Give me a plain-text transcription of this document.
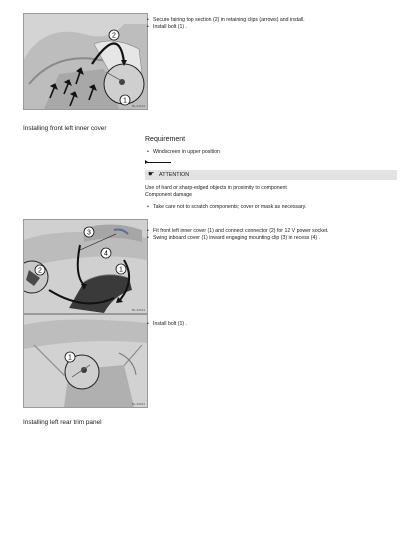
2
1
BL-54012
• Secure fairing top section (2) in retaining clips (arrows) and install.
• Install bolt (1) .
Installing front left inner cover
Requirement
• Windscreen in upper position
☛ ATTENTION
Use of hard or sharp-edged objects in proximity to component
Component damage
• Take care not to scratch components; cover or mask as necessary.
3
4
2	1
BL-54013
• Fit front left inner cover (1) and connect connector (2) for 12 V power socket.
• Swing inboard cover (1) inward engaging mounting clip (3) in recess (4) .
1
BL-54014
• Install bolt (1) .
Installing left rear trim panel
